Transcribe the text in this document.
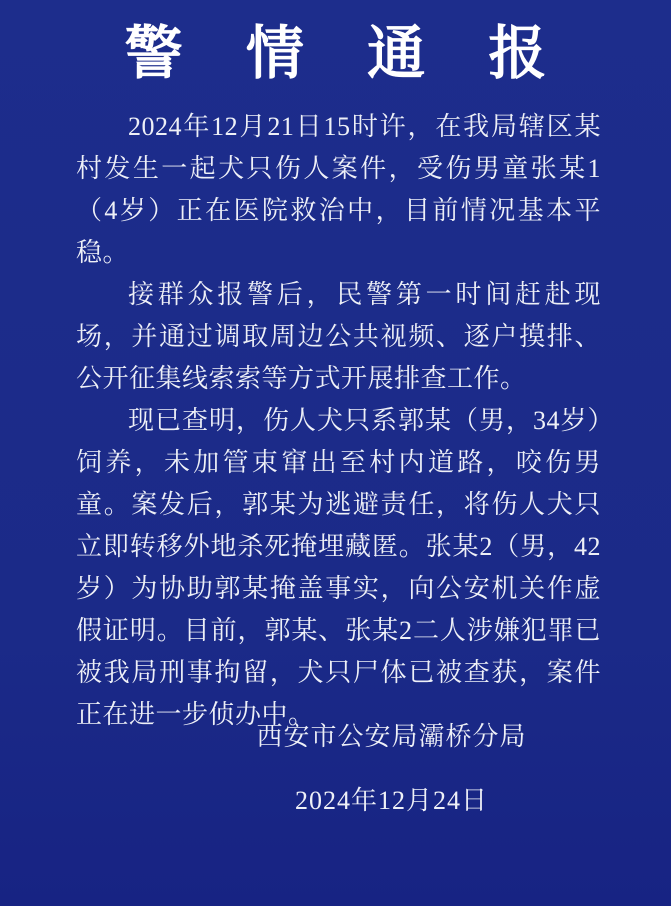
警 情 通 报

2024年12月21日15时许，在我局辖区某村发生一起犬只伤人案件，受伤男童张某1（4岁）正在医院救治中，目前情况基本平稳。

接群众报警后，民警第一时间赶赴现场，并通过调取周边公共视频、逐户摸排、公开征集线索索等方式开展排查工作。

现已查明，伤人犬只系郭某（男，34岁）饲养，未加管束窜出至村内道路，咬伤男童。案发后，郭某为逃避责任，将伤人犬只立即转移外地杀死掩埋藏匿。张某2（男，42岁）为协助郭某掩盖事实，向公安机关作虚假证明。目前，郭某、张某2二人涉嫌犯罪已被我局刑事拘留，犬只尸体已被查获，案件正在进一步侦办中。

西安市公安局灞桥分局

2024年12月24日
